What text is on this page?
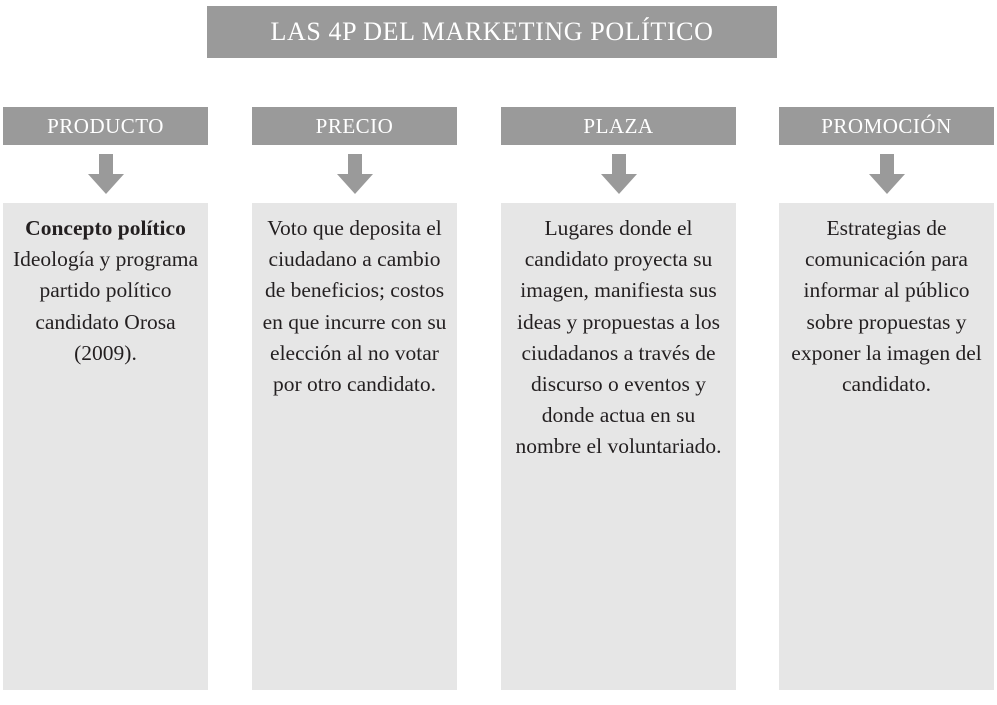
LAS 4P DEL MARKETING POLÍTICO
PRODUCTO
Concepto político
Ideología y programa partido político candidato Orosa (2009).
PRECIO
Voto que deposita el ciudadano a cambio de beneficios; costos en que incurre con su elección al no votar por otro candidato.
PLAZA
Lugares donde el candidato proyecta su imagen, manifiesta sus ideas y propuestas a los ciudadanos a través de discurso o eventos y donde actua en su nombre el voluntariado.
PROMOCIÓN
Estrategias de comunicación para informar al público sobre propuestas y exponer la imagen del candidato.
